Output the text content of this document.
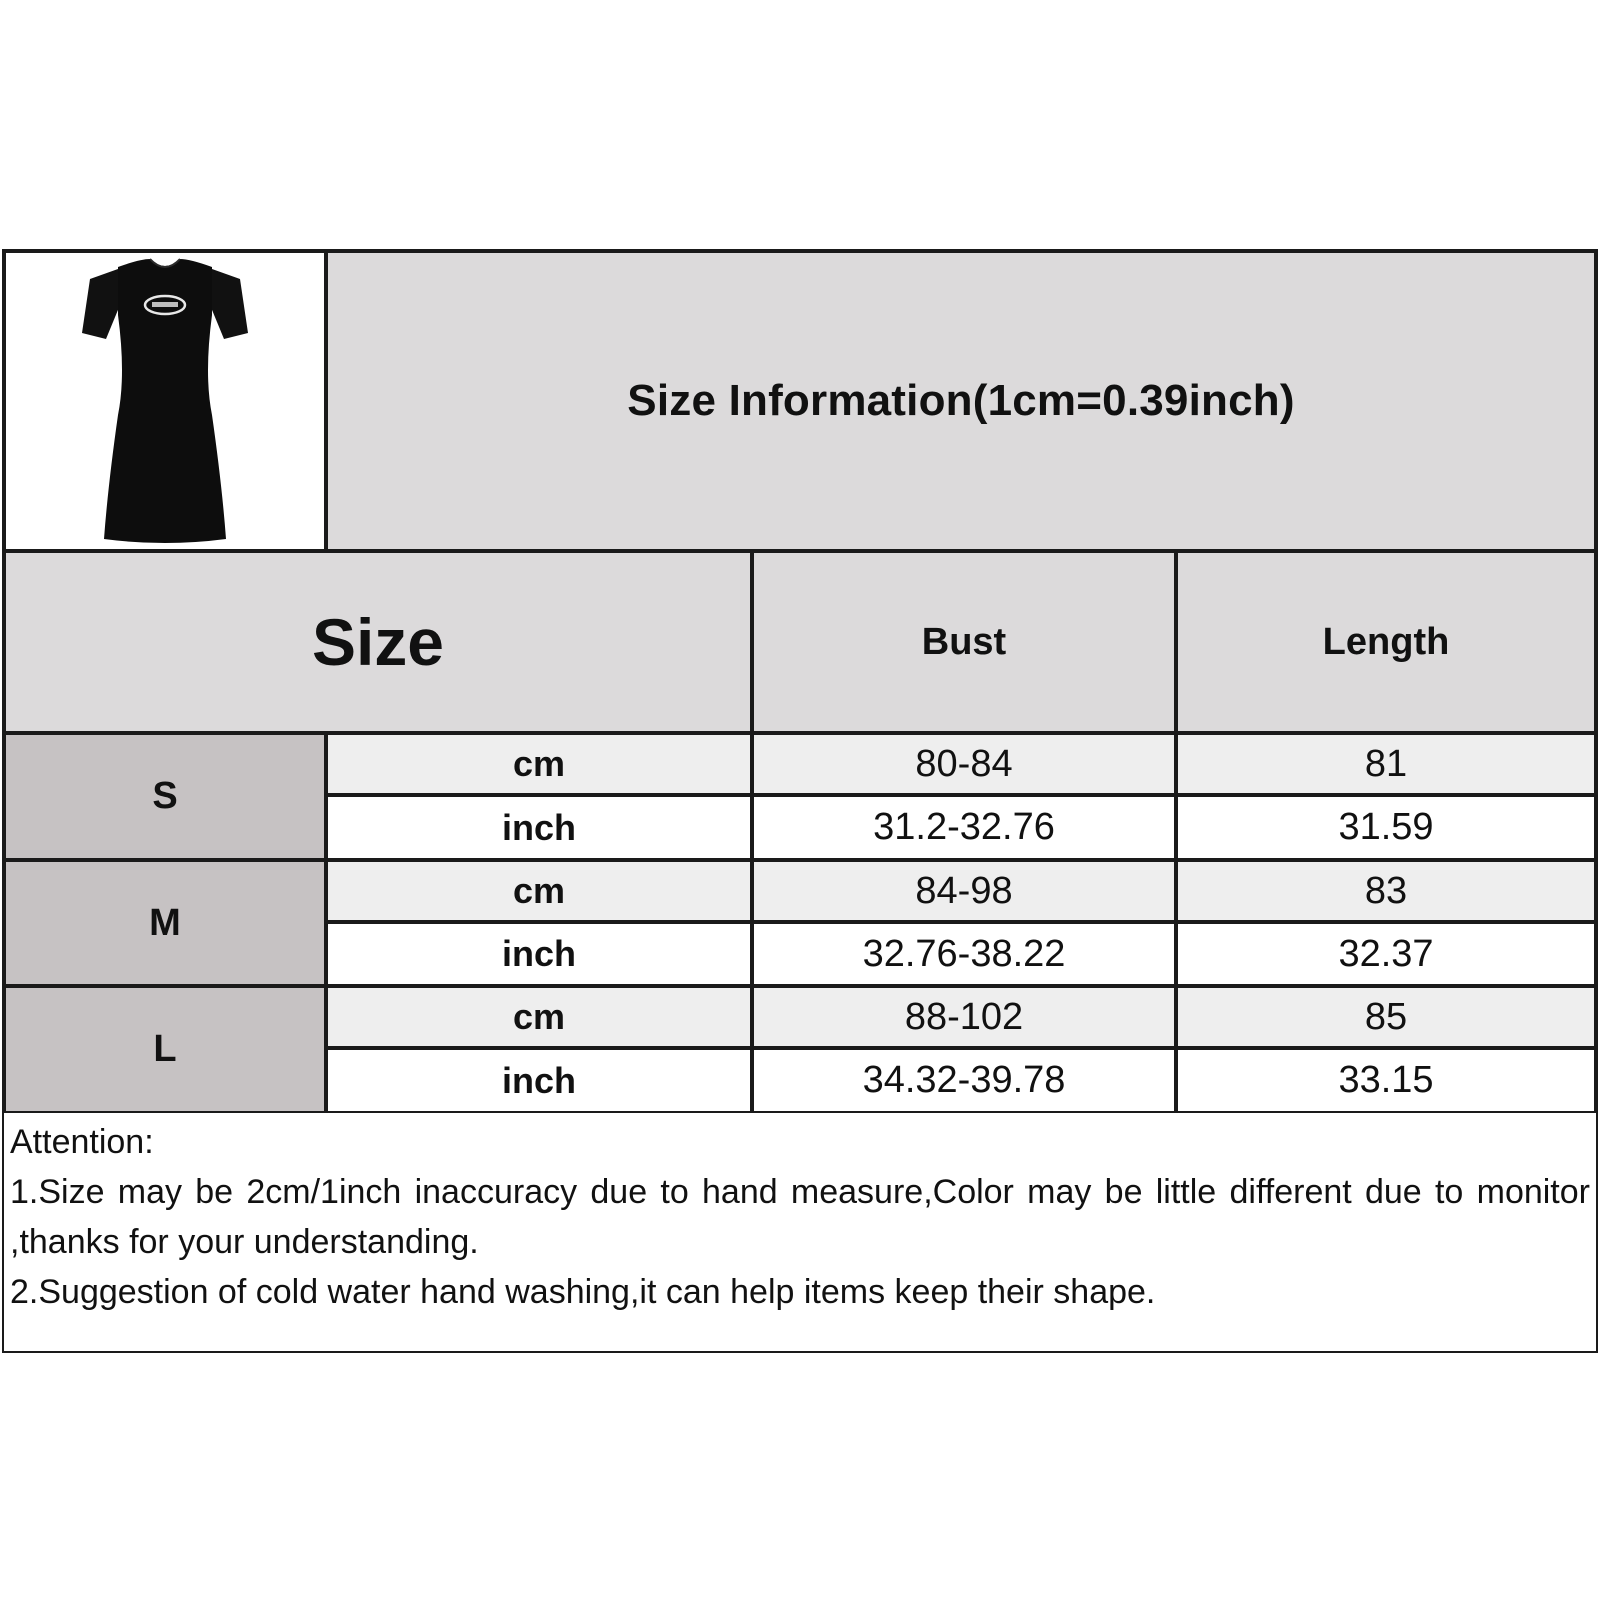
Size Information(1cm=0.39inch)
Size	Bust	Length
S
cm	80-84	81
inch	31.2-32.76	31.59
M
cm	84-98	83
inch	32.76-38.22	32.37
L
cm	88-102	85
inch	34.32-39.78	33.15

Attention:

1.Size may be 2cm/1inch inaccuracy due to hand measure,Color may be little different due to monitor ,thanks for your understanding.

2.Suggestion of cold water hand washing,it can help items keep their shape.
